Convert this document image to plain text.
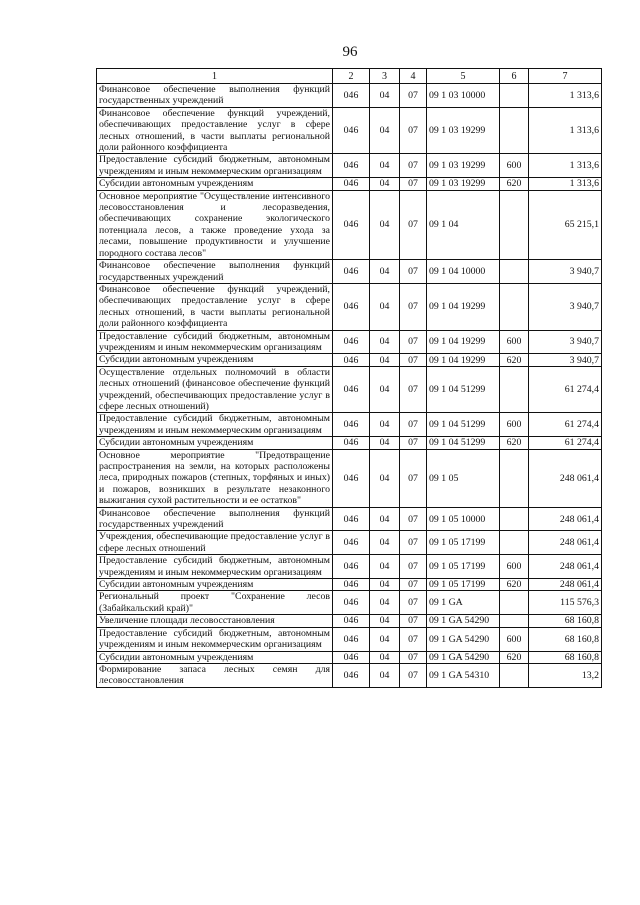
96
1	2	3	4	5	6	7
Финансовое обеспечение выполнения функций государственных учреждений	046	04	07	09 1 03 10000		1 313,6
Финансовое обеспечение функций учреждений, обеспечивающих предоставление услуг в сфере лесных отношений, в части выплаты региональной доли районного коэффициента	046	04	07	09 1 03 19299		1 313,6
Предоставление субсидий бюджетным, автономным учреждениям и иным некоммерческим организациям	046	04	07	09 1 03 19299	600	1 313,6
Субсидии автономным учреждениям	046	04	07	09 1 03 19299	620	1 313,6
Основное мероприятие "Осуществление интенсивного лесовосстановления и лесоразведения, обеспечивающих сохранение экологического потенциала лесов, а также проведение ухода за лесами, повышение продуктивности и улучшение породного состава лесов"	046	04	07	09 1 04		65 215,1
Финансовое обеспечение выполнения функций государственных учреждений	046	04	07	09 1 04 10000		3 940,7
Финансовое обеспечение функций учреждений, обеспечивающих предоставление услуг в сфере лесных отношений, в части выплаты региональной доли районного коэффициента	046	04	07	09 1 04 19299		3 940,7
Предоставление субсидий бюджетным, автономным учреждениям и иным некоммерческим организациям	046	04	07	09 1 04 19299	600	3 940,7
Субсидии автономным учреждениям	046	04	07	09 1 04 19299	620	3 940,7
Осуществление отдельных полномочий в области лесных отношений (финансовое обеспечение функций учреждений, обеспечивающих предоставление услуг в сфере лесных отношений)	046	04	07	09 1 04 51299		61 274,4
Предоставление субсидий бюджетным, автономным учреждениям и иным некоммерческим организациям	046	04	07	09 1 04 51299	600	61 274,4
Субсидии автономным учреждениям	046	04	07	09 1 04 51299	620	61 274,4
Основное мероприятие "Предотвращение распространения на земли, на которых расположены леса, природных пожаров (степных, торфяных и иных) и пожаров, возникших в результате незаконного выжигания сухой растительности и ее остатков"	046	04	07	09 1 05		248 061,4
Финансовое обеспечение выполнения функций государственных учреждений	046	04	07	09 1 05 10000		248 061,4
Учреждения, обеспечивающие предоставление услуг в сфере лесных отношений	046	04	07	09 1 05 17199		248 061,4
Предоставление субсидий бюджетным, автономным учреждениям и иным некоммерческим организациям	046	04	07	09 1 05 17199	600	248 061,4
Субсидии автономным учреждениям	046	04	07	09 1 05 17199	620	248 061,4
Региональный проект "Сохранение лесов (Забайкальский край)"	046	04	07	09 1 GA		115 576,3
Увеличение площади лесовосстановления	046	04	07	09 1 GA 54290		68 160,8
Предоставление субсидий бюджетным, автономным учреждениям и иным некоммерческим организациям	046	04	07	09 1 GA 54290	600	68 160,8
Субсидии автономным учреждениям	046	04	07	09 1 GA 54290	620	68 160,8
Формирование запаса лесных семян для лесовосстановления	046	04	07	09 1 GA 54310		13,2
